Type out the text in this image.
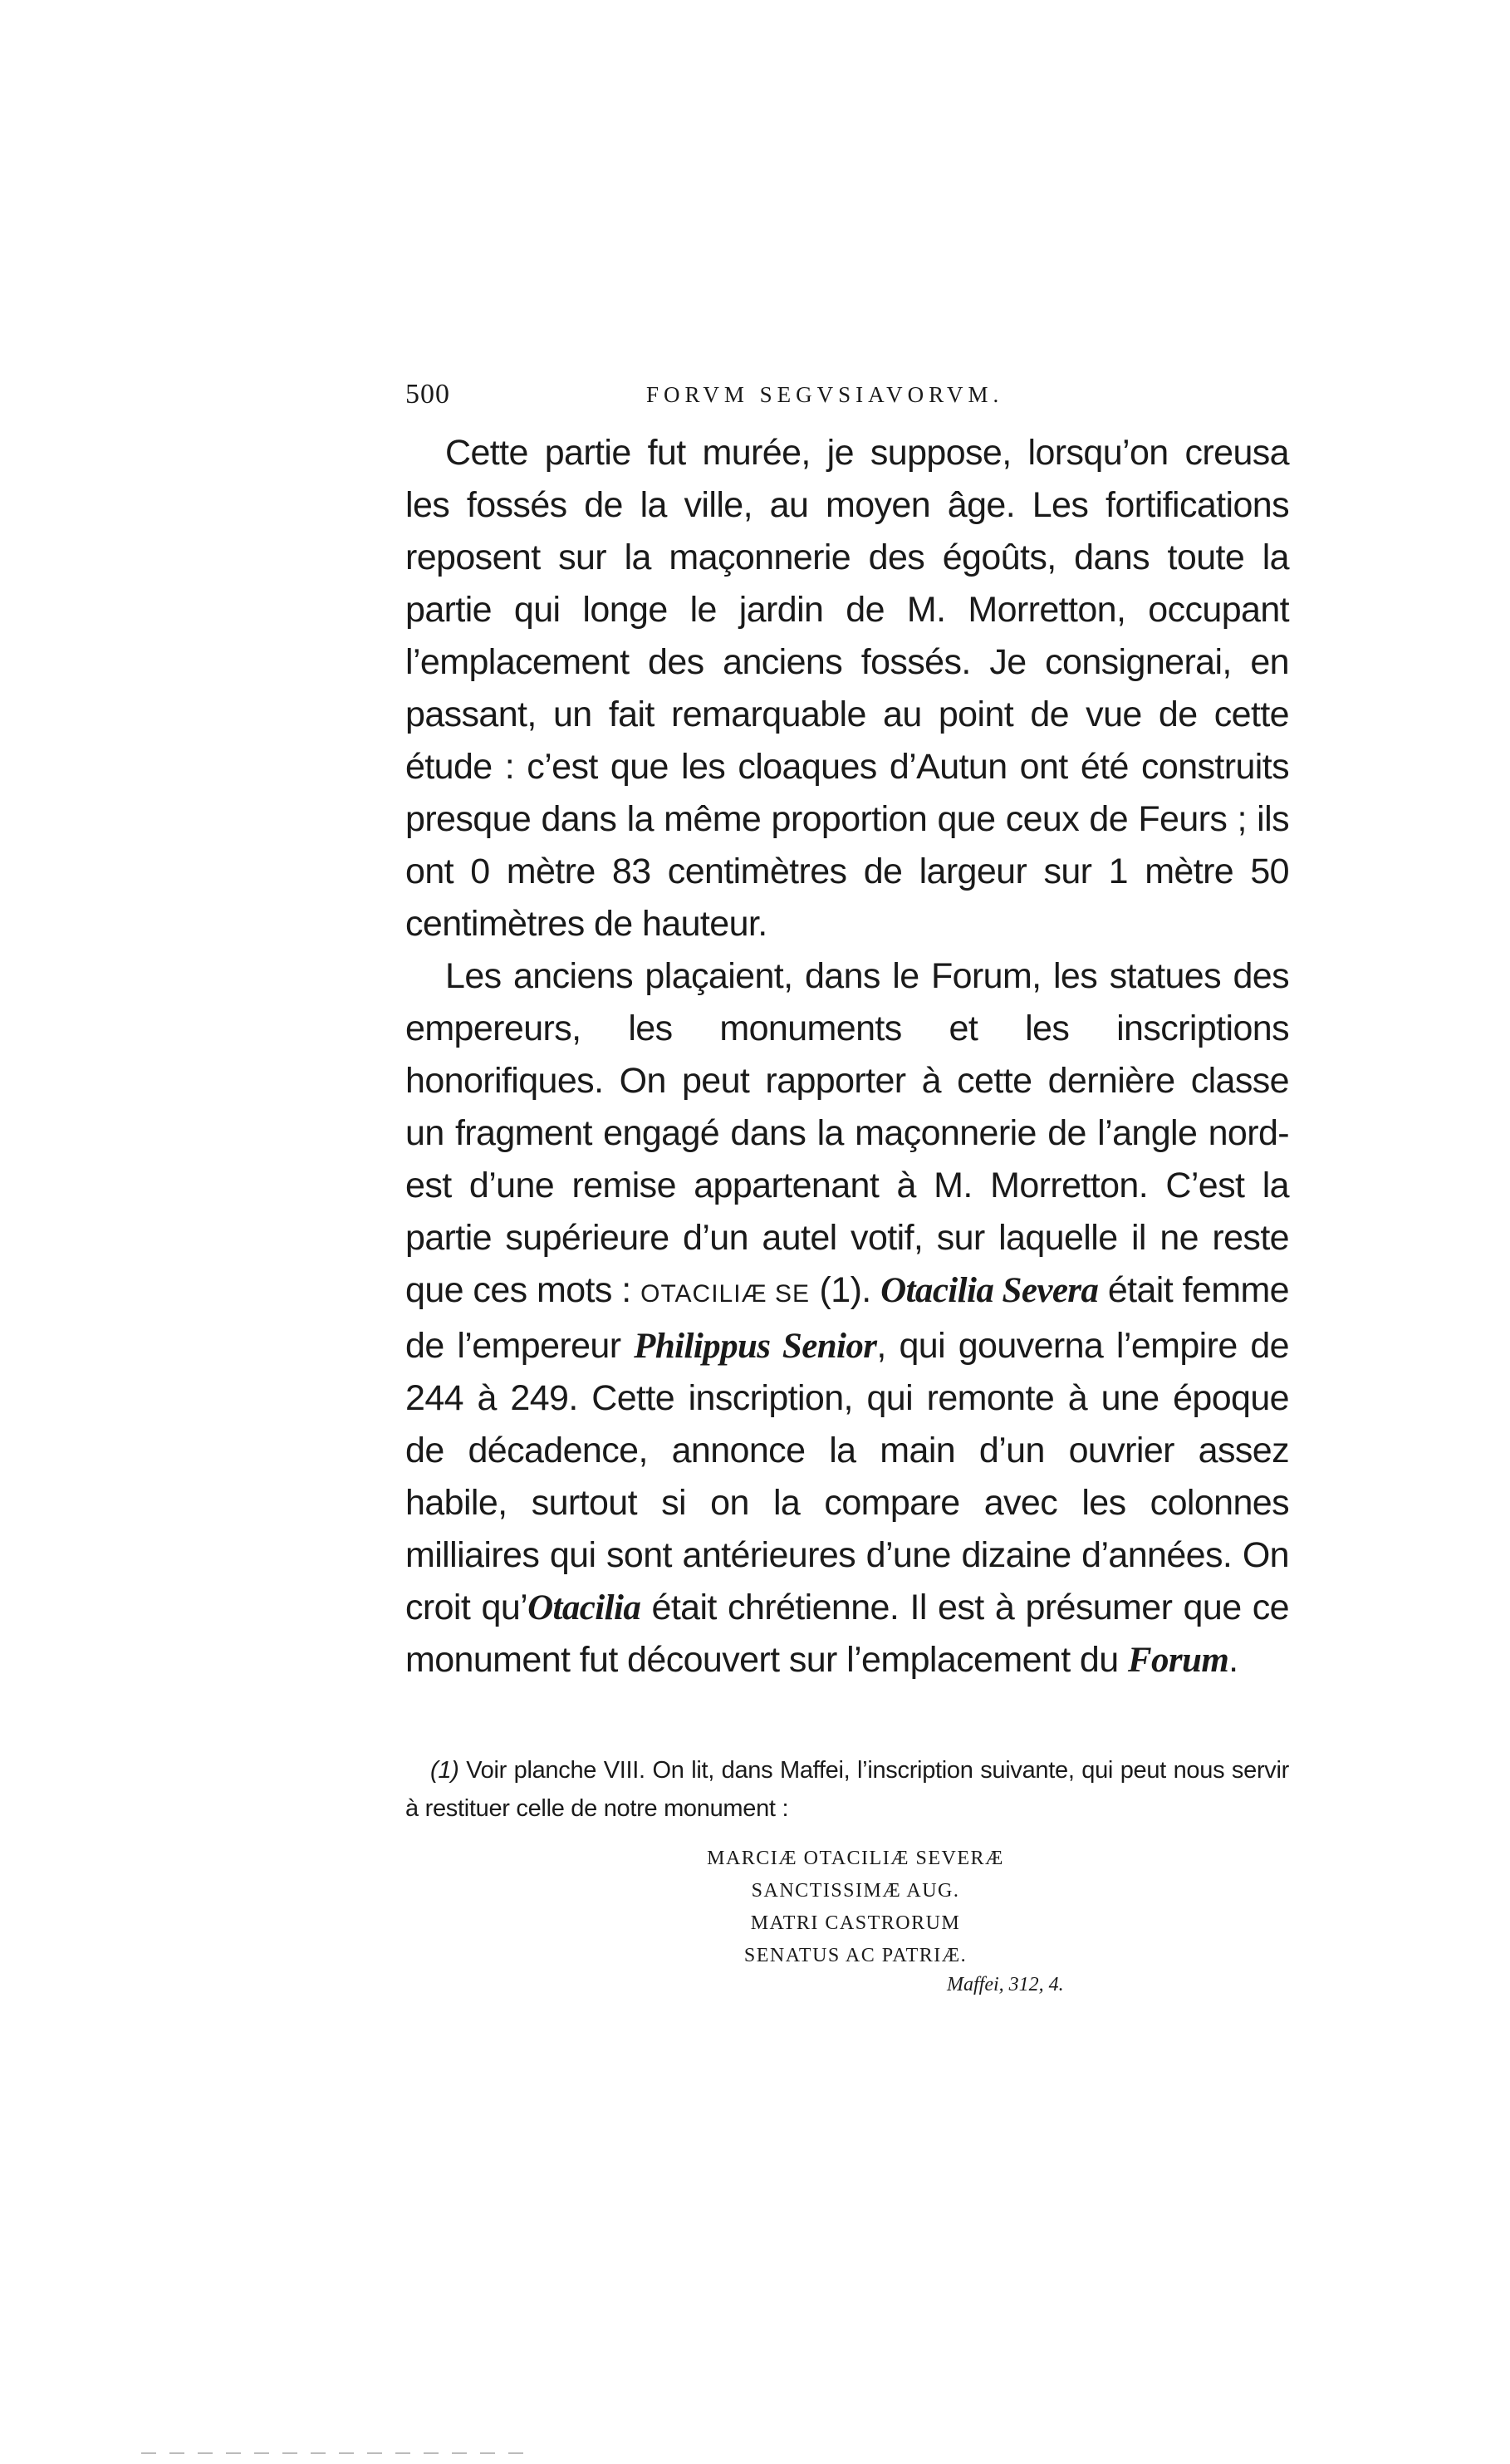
500	FORVM SEGVSIAVORVM.

Cette partie fut murée, je suppose, lorsqu’on creusa les fossés de la ville, au moyen âge. Les fortifications reposent sur la maçonnerie des égoûts, dans toute la partie qui longe le jardin de M. Morretton, occupant l’emplacement des anciens fossés. Je consignerai, en passant, un fait remarquable au point de vue de cette étude : c’est que les cloaques d’Autun ont été construits presque dans la même proportion que ceux de Feurs ; ils ont 0 mètre 83 centimètres de largeur sur 1 mètre 50 centimètres de hauteur.

Les anciens plaçaient, dans le Forum, les statues des empereurs, les monuments et les inscriptions honorifiques. On peut rapporter à cette dernière classe un fragment engagé dans la maçonnerie de l’angle nord-est d’une remise appartenant à M. Morretton. C’est la partie supérieure d’un autel votif, sur laquelle il ne reste que ces mots : OTACILIÆ SE (1). Otacilia Severa était femme de l’empereur Philippus Senior, qui gouverna l’empire de 244 à 249. Cette inscription, qui remonte à une époque de décadence, annonce la main d’un ouvrier assez habile, surtout si on la compare avec les colonnes milliaires qui sont antérieures d’une dizaine d’années. On croit qu’Otacilia était chrétienne. Il est à présumer que ce monument fut découvert sur l’emplacement du Forum.

(1) Voir planche VIII. On lit, dans Maffei, l’inscription suivante, qui peut nous servir à restituer celle de notre monument :

MARCIÆ OTACILIÆ SEVERÆ
SANCTISSIMÆ AUG.
MATRI CASTRORUM
SENATUS AC PATRIÆ.
Maffei, 312, 4.
